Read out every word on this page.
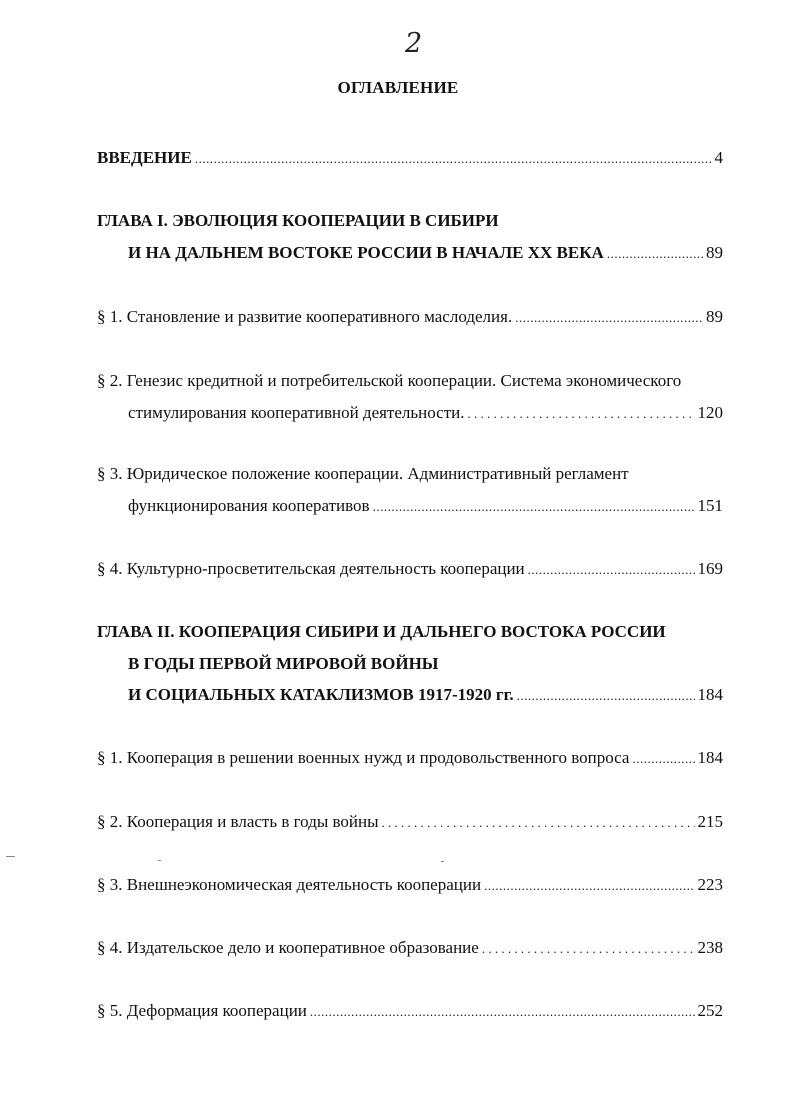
2
ОГЛАВЛЕНИЕ
ВВЕДЕНИЕ .....	4
ГЛАВА I. ЭВОЛЮЦИЯ КООПЕРАЦИИ В СИБИРИ
И НА ДАЛЬНЕМ ВОСТОКЕ РОССИИ В НАЧАЛЕ XX ВЕКА .....	89
§ 1. Становление и развитие кооперативного маслоделия. .....	89
§ 2. Генезис кредитной и потребительской кооперации. Система экономического
стимулирования кооперативной деятельности. . . .	120
§ 3. Юридическое положение кооперации. Административный регламент
функционирования кооперативов .....	151
§ 4. Культурно-просветительская деятельность кооперации .....	169
ГЛАВА II. КООПЕРАЦИЯ СИБИРИ И ДАЛЬНЕГО ВОСТОКА РОССИИ
В ГОДЫ ПЕРВОЙ МИРОВОЙ ВОЙНЫ
И СОЦИАЛЬНЫХ КАТАКЛИЗМОВ 1917-1920 гг. .....	184
§ 1. Кооперация в решении военных нужд и продовольственного вопроса .....	184
§ 2. Кооперация и власть в годы войны . . .	215
§ 3. Внешнеэкономическая деятельность кооперации .....	223
§ 4. Издательское дело и кооперативное образование . . .	238
§ 5. Деформация кооперации .....	252
